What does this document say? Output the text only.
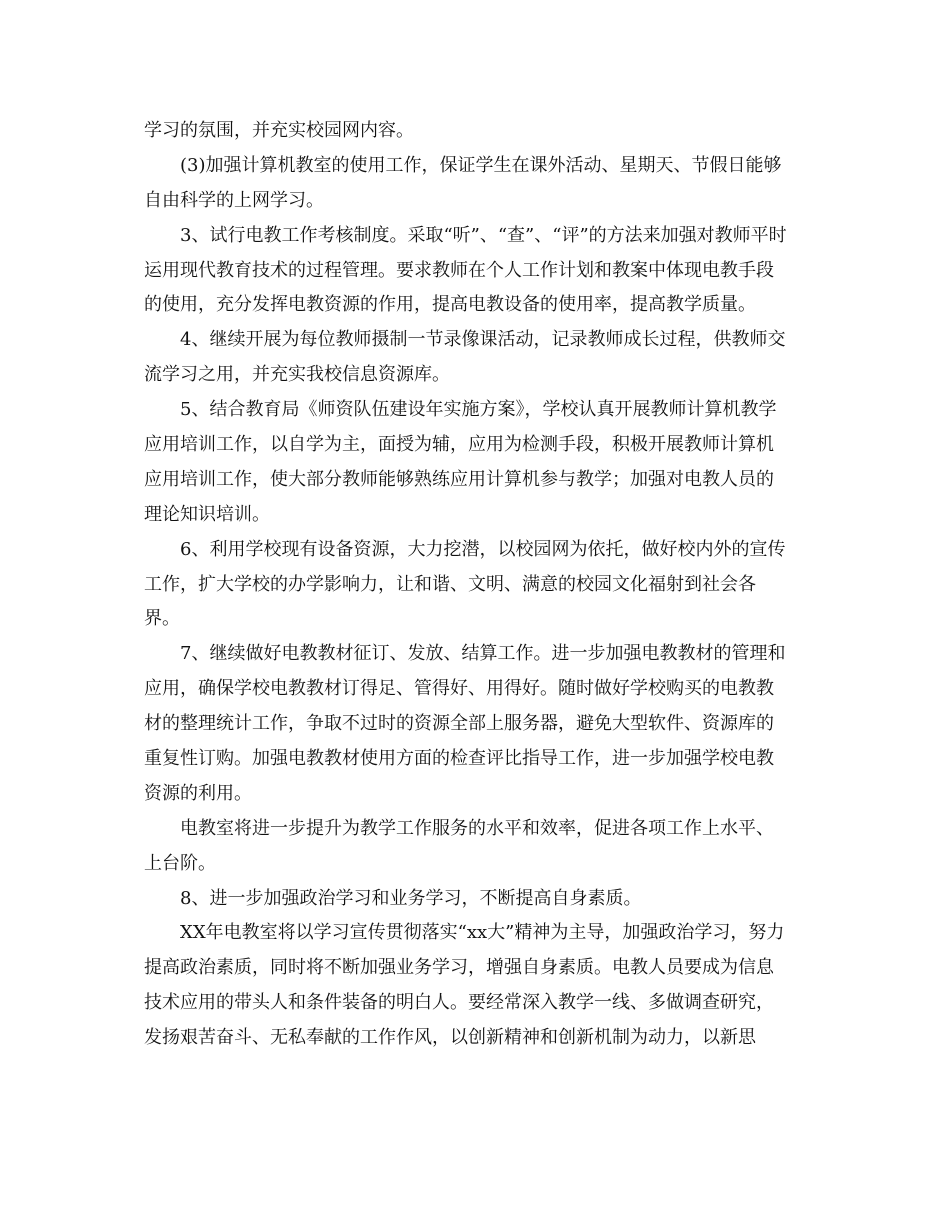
学习的氛围，并充实校园网内容。
(3)加强计算机教室的使用工作，保证学生在课外活动、星期天、节假日能够
自由科学的上网学习。
3、试行电教工作考核制度。采取“听”、“查”、“评”的方法来加强对教师平时
运用现代教育技术的过程管理。要求教师在个人工作计划和教案中体现电教手段
的使用，充分发挥电教资源的作用，提高电教设备的使用率，提高教学质量。
4、继续开展为每位教师摄制一节录像课活动，记录教师成长过程，供教师交
流学习之用，并充实我校信息资源库。
5、结合教育局《师资队伍建设年实施方案》，学校认真开展教师计算机教学
应用培训工作，以自学为主，面授为辅，应用为检测手段，积极开展教师计算机
应用培训工作，使大部分教师能够熟练应用计算机参与教学；加强对电教人员的
理论知识培训。
6、利用学校现有设备资源，大力挖潜，以校园网为依托，做好校内外的宣传
工作，扩大学校的办学影响力，让和谐、文明、满意的校园文化福射到社会各
界。
7、继续做好电教教材征订、发放、结算工作。进一步加强电教教材的管理和
应用，确保学校电教教材订得足、管得好、用得好。随时做好学校购买的电教教
材的整理统计工作，争取不过时的资源全部上服务器，避免大型软件、资源库的
重复性订购。加强电教教材使用方面的检查评比指导工作，进一步加强学校电教
资源的利用。
电教室将进一步提升为教学工作服务的水平和效率，促进各项工作上水平、
上台阶。
8、进一步加强政治学习和业务学习，不断提高自身素质。
XX年电教室将以学习宣传贯彻落实“xx大”精神为主导，加强政治学习，努力
提高政治素质，同时将不断加强业务学习，增强自身素质。电教人员要成为信息
技术应用的带头人和条件装备的明白人。要经常深入教学一线、多做调查研究，
发扬艰苦奋斗、无私奉献的工作作风，以创新精神和创新机制为动力，以新思
